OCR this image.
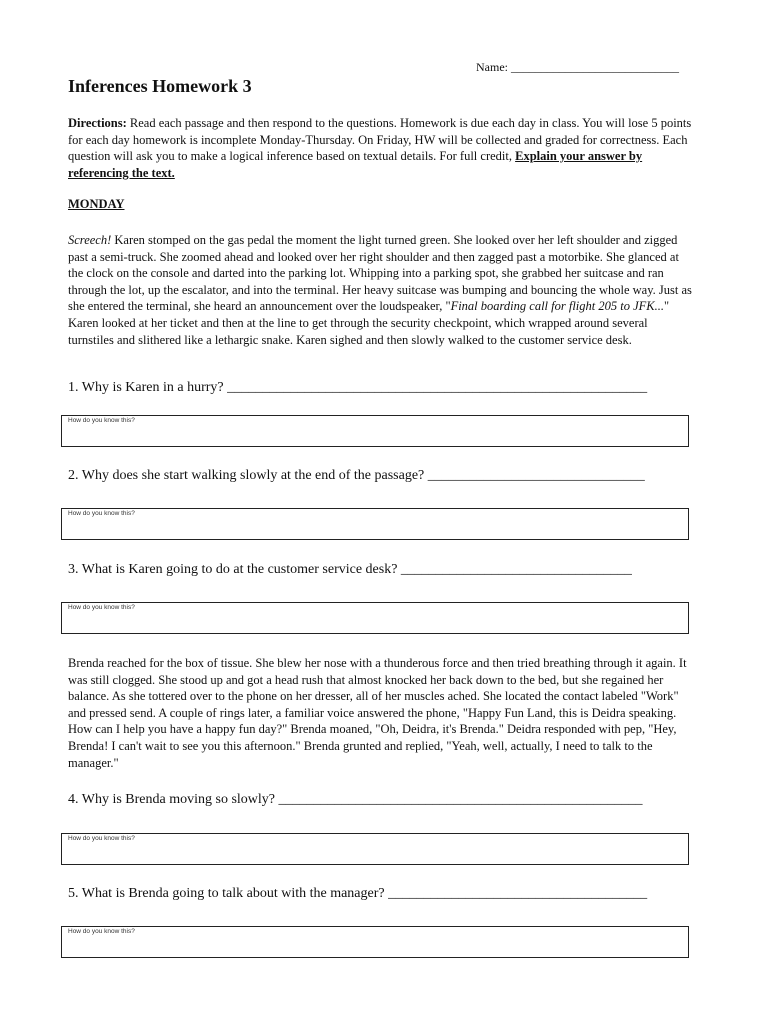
Name: ____________________________
Inferences Homework 3
Directions: Read each passage and then respond to the questions. Homework is due each day in class. You will lose 5 points for each day homework is incomplete Monday-Thursday. On Friday, HW will be collected and graded for correctness. Each question will ask you to make a logical inference based on textual details. For full credit, Explain your answer by referencing the text.
MONDAY
Screech! Karen stomped on the gas pedal the moment the light turned green. She looked over her left shoulder and zigged past a semi-truck. She zoomed ahead and looked over her right shoulder and then zagged past a motorbike. She glanced at the clock on the console and darted into the parking lot. Whipping into a parking spot, she grabbed her suitcase and ran through the lot, up the escalator, and into the terminal. Her heavy suitcase was bumping and bouncing the whole way. Just as she entered the terminal, she heard an announcement over the loudspeaker, "Final boarding call for flight 205 to JFK..." Karen looked at her ticket and then at the line to get through the security checkpoint, which wrapped around several turnstiles and slithered like a lethargic snake. Karen sighed and then slowly walked to the customer service desk.
1. Why is Karen in a hurry? ____________________________________________________________
How do you know this?
2. Why does she start walking slowly at the end of the passage? _______________________________
How do you know this?
3. What is Karen going to do at the customer service desk? _________________________________
How do you know this?
Brenda reached for the box of tissue. She blew her nose with a thunderous force and then tried breathing through it again. It was still clogged. She stood up and got a head rush that almost knocked her back down to the bed, but she regained her balance. As she tottered over to the phone on her dresser, all of her muscles ached. She located the contact labeled "Work" and pressed send. A couple of rings later, a familiar voice answered the phone, "Happy Fun Land, this is Deidra speaking. How can I help you have a happy fun day?" Brenda moaned, "Oh, Deidra, it's Brenda." Deidra responded with pep, "Hey, Brenda! I can't wait to see you this afternoon." Brenda grunted and replied, "Yeah, well, actually, I need to talk to the manager."
4. Why is Brenda moving so slowly? ____________________________________________________
How do you know this?
5. What is Brenda going to talk about with the manager? _____________________________________
How do you know this?
